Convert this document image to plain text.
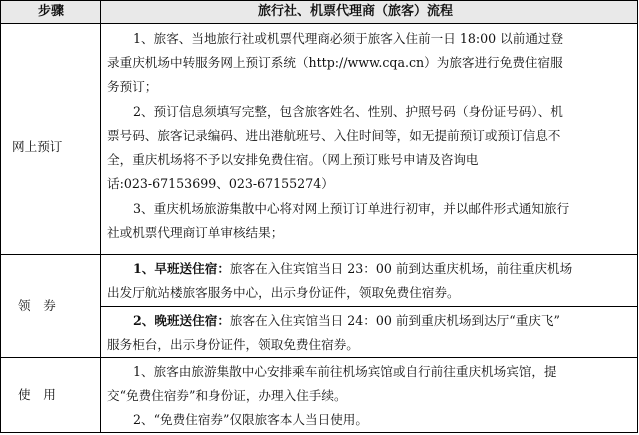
步骤	旅行社、机票代理商（旅客）流程
网上预订
1、旅客、当地旅行社或机票代理商必须于旅客入住前一日 18:00 以前通过登
录重庆机场中转服务网上预订系统（http://www.cqa.cn）为旅客进行免费住宿服
务预订；
2、预订信息须填写完整，包含旅客姓名、性别、护照号码（身份证号码）、机
票号码、旅客记录编码、进出港航班号、入住时间等，如无提前预订或预订信息不
全，重庆机场将不予以安排免费住宿。（网上预订账号申请及咨询电
话:023-67153699、023-67155274）
3、重庆机场旅游集散中心将对网上预订订单进行初审，并以邮件形式通知旅行
社或机票代理商订单审核结果；
领　券
1、早班送住宿：旅客在入住宾馆当日 23：00 前到达重庆机场，前往重庆机场
出发厅航站楼旅客服务中心，出示身份证件，领取免费住宿券。
2、晚班送住宿：旅客在入住宾馆当日 24：00 前到重庆机场到达厅“重庆飞”
服务柜台，出示身份证件，领取免费住宿券。
使　用
1、旅客由旅游集散中心安排乘车前往机场宾馆或自行前往重庆机场宾馆，提
交“免费住宿券”和身份证，办理入住手续。
2、“免费住宿券”仅限旅客本人当日使用。
